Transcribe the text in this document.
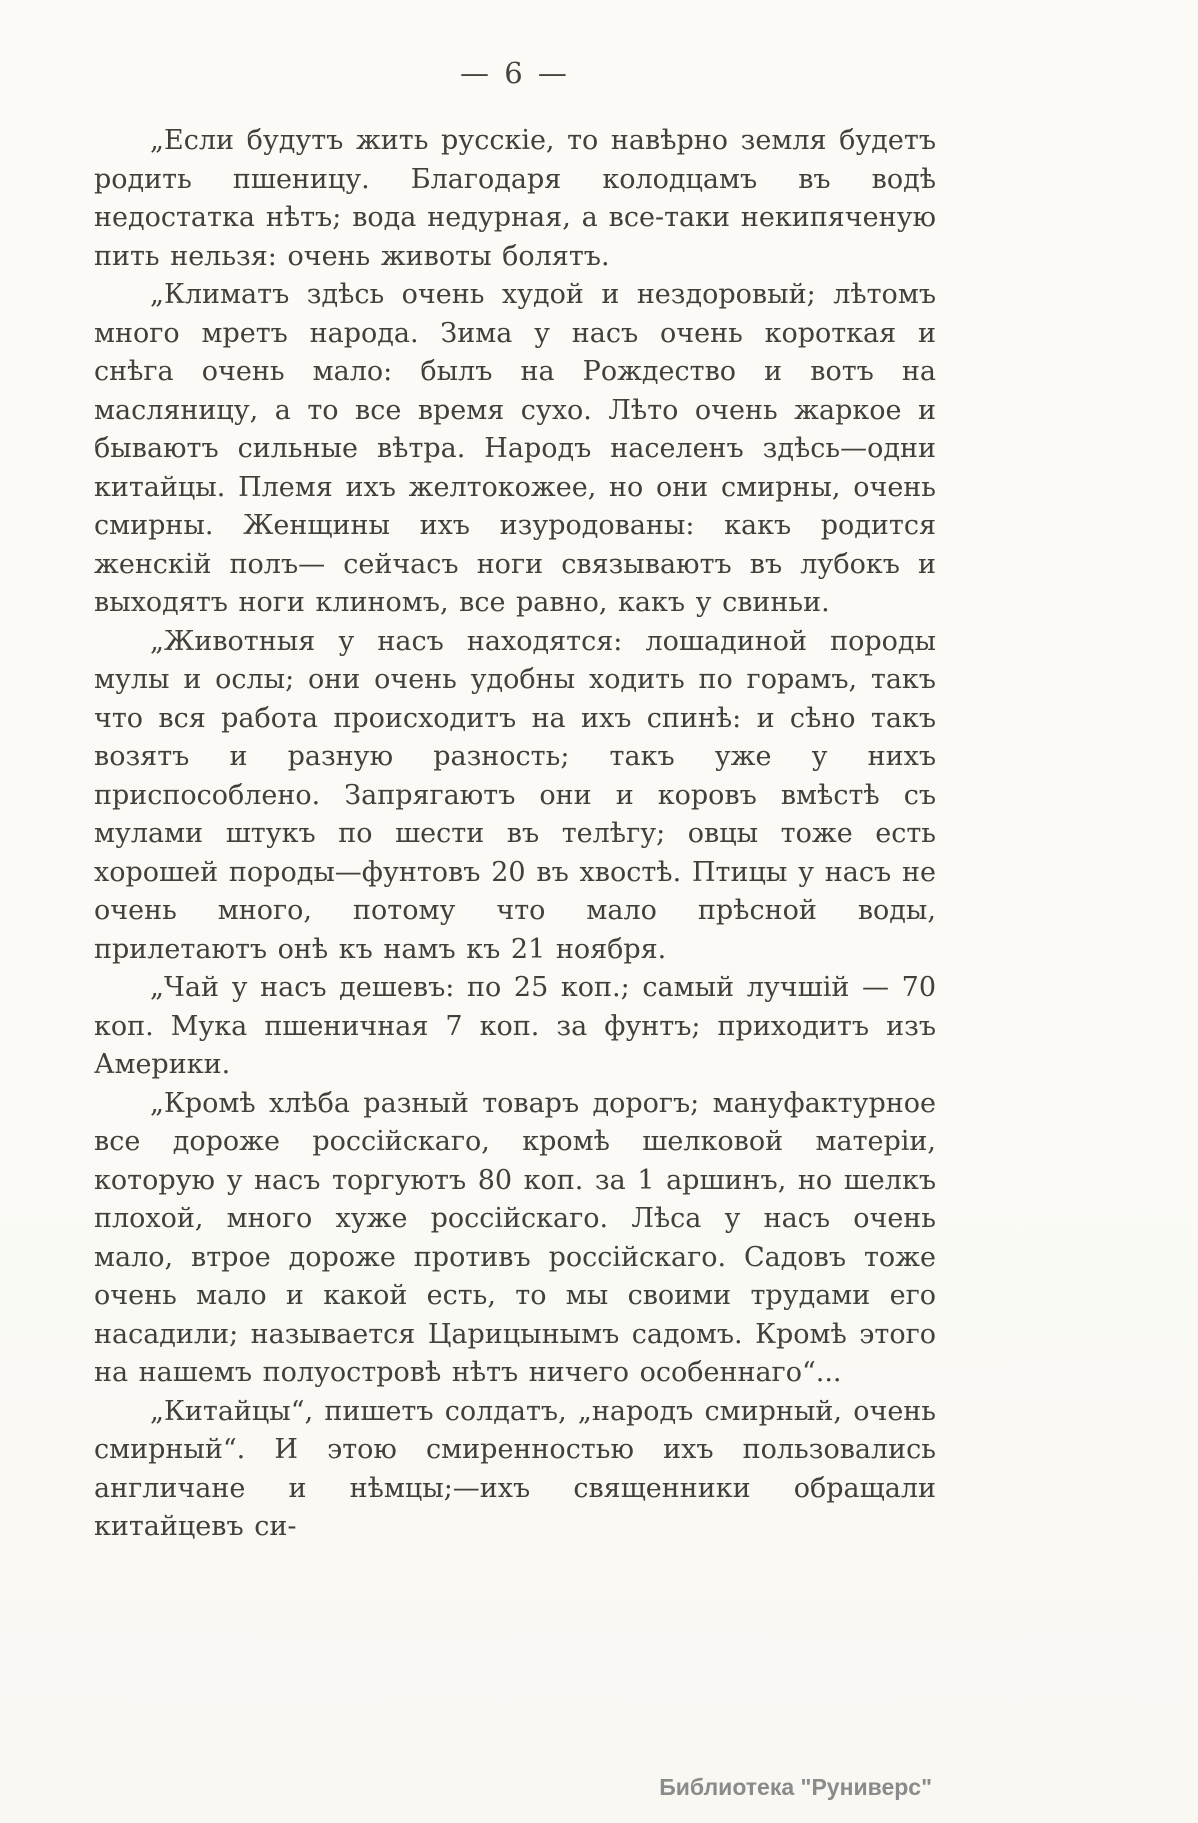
— 6 —

„Если будутъ жить русскіе, то навѣрно земля будетъ родить пшеницу. Благодаря колодцамъ въ водѣ недостатка нѣтъ; вода недурная, а все-таки некипяченую пить нельзя: очень животы болятъ.

„Климатъ здѣсь очень худой и нездоровый; лѣтомъ много мретъ народа. Зима у насъ очень короткая и снѣга очень мало: былъ на Рождество и вотъ на масляницу, а то все время сухо. Лѣто очень жаркое и бываютъ сильные вѣтра. Народъ населенъ здѣсь—одни китайцы. Племя ихъ желтокожее, но они смирны, очень смирны. Женщины ихъ изуродованы: какъ родится женскій полъ— сейчасъ ноги связываютъ въ лубокъ и выходятъ ноги клиномъ, все равно, какъ у свиньи.

„Животныя у насъ находятся: лошадиной породы мулы и ослы; они очень удобны ходить по горамъ, такъ что вся работа происходитъ на ихъ спинѣ: и сѣно такъ возятъ и разную разность; такъ уже у нихъ приспособлено. Запрягаютъ они и коровъ вмѣстѣ съ мулами штукъ по шести въ телѣгу; овцы тоже есть хорошей породы—фунтовъ 20 въ хвостѣ. Птицы у насъ не очень много, потому что мало прѣсной воды, прилетаютъ онѣ къ намъ къ 21 ноября.

„Чай у насъ дешевъ: по 25 коп.; самый лучшій — 70 коп. Мука пшеничная 7 коп. за фунтъ; приходитъ изъ Америки.

„Кромѣ хлѣба разный товаръ дорогъ; мануфактурное все дороже россійскаго, кромѣ шелковой матеріи, которую у насъ торгуютъ 80 коп. за 1 аршинъ, но шелкъ плохой, много хуже россійскаго. Лѣса у насъ очень мало, втрое дороже противъ россійскаго. Садовъ тоже очень мало и какой есть, то мы своими трудами его насадили; называется Царицынымъ садомъ. Кромѣ этого на нашемъ полуостровѣ нѣтъ ничего особеннаго“...

„Китайцы“, пишетъ солдатъ, „народъ смирный, очень смирный“. И этою смиренностью ихъ пользовались англичане и нѣмцы;—ихъ священники обращали китайцевъ си-

Библиотека "Руниверс"
